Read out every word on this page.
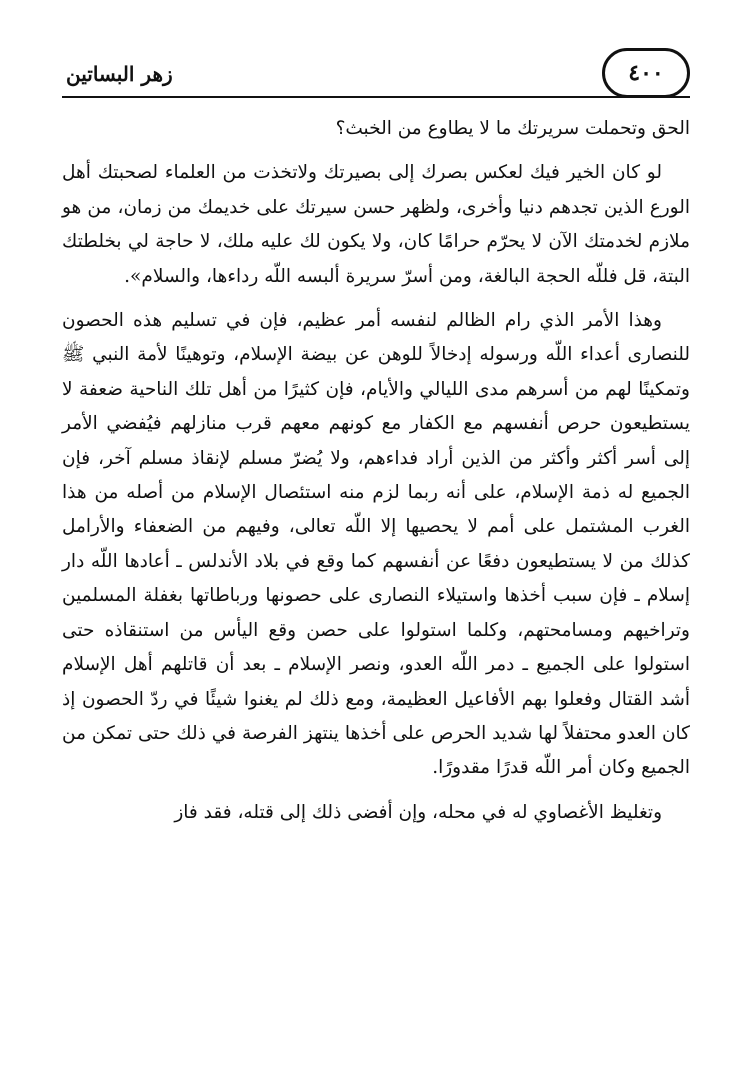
زهر البساتين	٤٠٠

الحق وتحملت سريرتك ما لا يطاوع من الخبث؟

لو كان الخير فيك لعكس بصرك إلى بصيرتك ولاتخذت من العلماء لصحبتك أهل الورع الذين تجدهم دنيا وأخرى، ولظهر حسن سيرتك على خديمك من زمان، من هو ملازم لخدمتك الآن لا يحرّم حرامًا كان، ولا يكون لك عليه ملك، لا حاجة لي بخلطتك البتة، قل فللّه الحجة البالغة، ومن أسرّ سريرة ألبسه اللّه رداءها، والسلام».

وهذا الأمر الذي رام الظالم لنفسه أمر عظيم، فإن في تسليم هذه الحصون للنصارى أعداء اللّه ورسوله إدخالاً للوهن عن بيضة الإسلام، وتوهينًا لأمة النبي ﷺ وتمكينًا لهم من أسرهم مدى الليالي والأيام، فإن كثيرًا من أهل تلك الناحية ضعفة لا يستطيعون حرص أنفسهم مع الكفار مع كونهم معهم قرب منازلهم فيُفضي الأمر إلى أسر أكثر وأكثر من الذين أراد فداءهم، ولا يُضرّ مسلم لإنقاذ مسلم آخر، فإن الجميع له ذمة الإسلام، على أنه ربما لزم منه استئصال الإسلام من أصله من هذا الغرب المشتمل على أمم لا يحصيها إلا اللّه تعالى، وفيهم من الضعفاء والأرامل كذلك من لا يستطيعون دفعًا عن أنفسهم كما وقع في بلاد الأندلس ـ أعادها اللّه دار إسلام ـ فإن سبب أخذها واستيلاء النصارى على حصونها ورباطاتها بغفلة المسلمين وتراخيهم ومسامحتهم، وكلما استولوا على حصن وقع اليأس من استنقاذه حتى استولوا على الجميع ـ دمر اللّه العدو، ونصر الإسلام ـ بعد أن قاتلهم أهل الإسلام أشد القتال وفعلوا بهم الأفاعيل العظيمة، ومع ذلك لم يغنوا شيئًا في ردّ الحصون إذ كان العدو محتفلاً لها شديد الحرص على أخذها ينتهز الفرصة في ذلك حتى تمكن من الجميع وكان أمر اللّه قدرًا مقدورًا.

وتغليظ الأغصاوي له في محله، وإن أفضى ذلك إلى قتله، فقد فاز
